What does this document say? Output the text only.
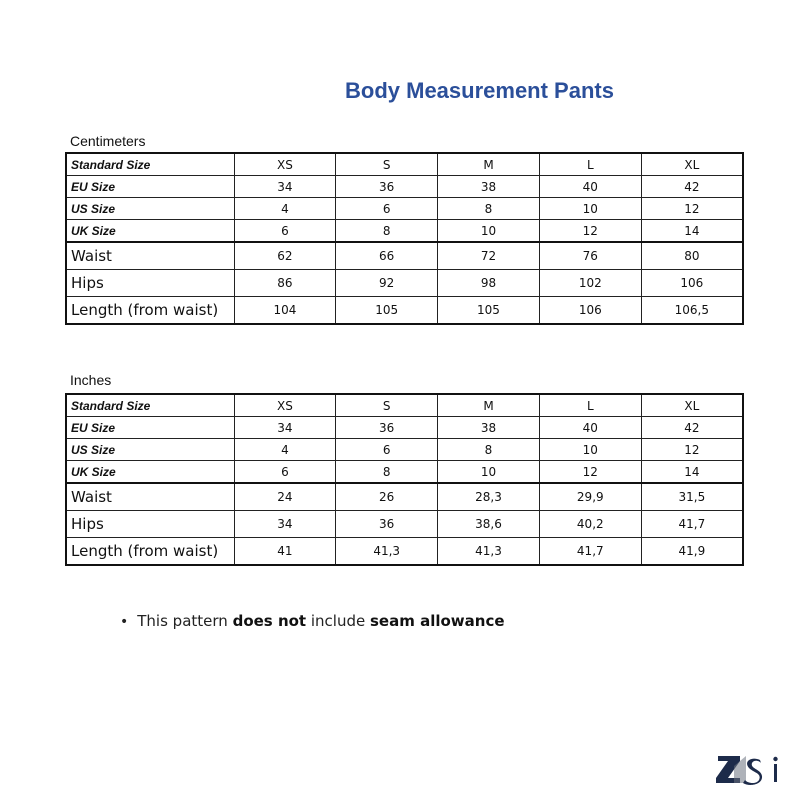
Body Measurement Pants
Centimeters
Standard Size	XS	S	M	L	XL
EU Size	34	36	38	40	42
US Size	4	6	8	10	12
UK Size	6	8	10	12	14
Waist	62	66	72	76	80
Hips	86	92	98	102	106
Length (from waist)	104	105	105	106	106,5
Inches
Standard Size	XS	S	M	L	XL
EU Size	34	36	38	40	42
US Size	4	6	8	10	12
UK Size	6	8	10	12	14
Waist	24	26	28,3	29,9	31,5
Hips	34	36	38,6	40,2	41,7
Length (from waist)	41	41,3	41,3	41,7	41,9
• This pattern does not include seam allowance
